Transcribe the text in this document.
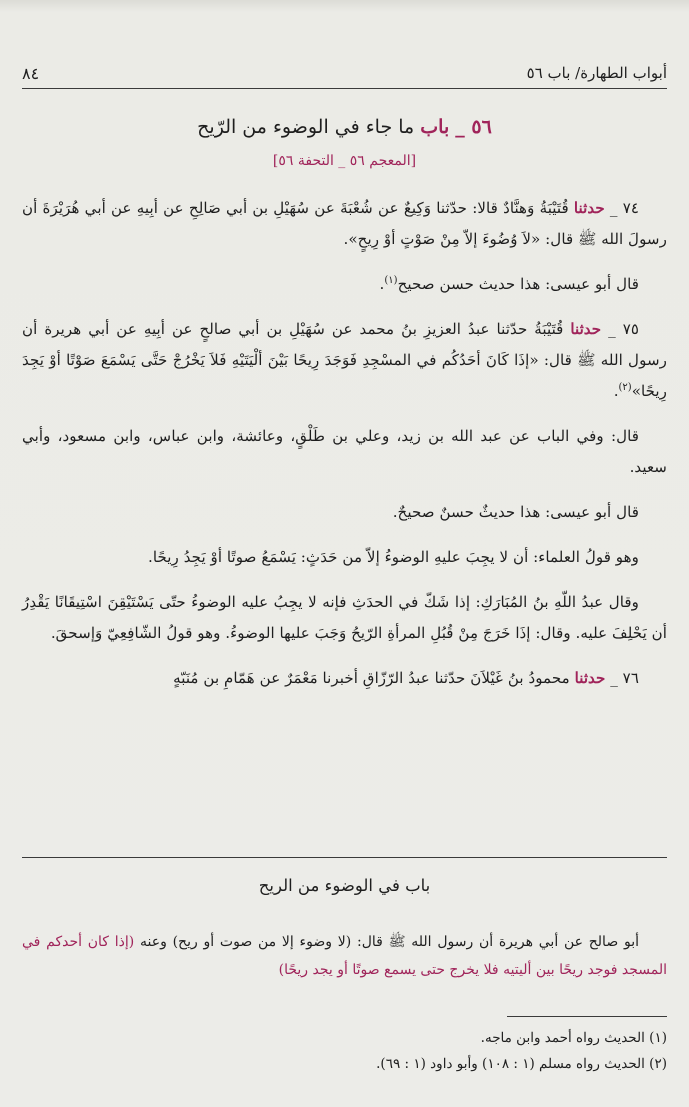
أبواب الطهارة/ باب ٥٦
٨٤
٥٦ _ باب ما جاء في الوضوء من الرّيح
[المعجم ٥٦ _ التحفة ٥٦]

٧٤ _ حدثنا قُتَيْبَةُ وَهنَّادٌ قالا: حدّثنا وَكِيعٌ عن شُعْبَةَ عن سُهَيْلِ بن أبي صَالِحِ عن أبِيهِ عن أبي هُرَيْرَةَ أن رسولَ الله ﷺ قال: «لاَ وُضُوءَ إلاّ مِنْ صَوْتٍ أوْ رِيحٍ».

قال أبو عيسى: هذا حديث حسن صحيح$^{(١)}$.

٧٥ _ حدثنا قُتَيْبَةُ حدّثنا عبدُ العزيزِ بنُ محمد عن سُهَيْلِ بن أبي صالحٍ عن أبِيهِ عن أبي هريرة أن رسول الله ﷺ قال: «إذَا كَانَ أحَدُكُم في المسْجِدِ فَوَجَدَ رِيحًا بَيْنَ ألْيَتَيْهِ فَلاَ يَخْرُجْ حَتَّى يَسْمَعَ صَوْتًا أوْ يَجِدَ رِيحًا»$^{(٢)}$.

قال: وفي الباب عن عبد الله بن زيد، وعلي بن طَلْقٍ، وعائشة، وابن عباس، وابن مسعود، وأبي سعيد.

قال أبو عيسى: هذا حديثٌ حسنٌ صحيحٌ.

وهو قولُ العلماء: أن لا يجِبَ عليهِ الوضوءُ إلاّ من حَدَثٍ: يَسْمَعُ صوتًا أوْ يَجِدُ رِيحًا.

وقال عبدُ اللّهِ بنُ المُبَارَكِ: إذا شَكّ في الحدَثِ فإنه لا يجِبُ عليه الوضوءُ حتّى يَسْتَيْقِنَ اسْتِيقَانًا يَقْدِرُ أن يَحْلِفَ عليه. وقال: إذَا خَرَجَ مِنْ قُبُلِ المرأةِ الرّيحُ وَجَبَ عليها الوضوءُ. وهو قولُ الشّافِعِيّ وَإسحقَ.

٧٦ _ حدثنا محمودُ بنُ غَيْلاَنَ حدّثنا عبدُ الرّزّاقِ أخبرنا مَعْمَرٌ عن هَمّامِ بن مُنَبّهٍ

باب في الوضوء من الريح
أبو صالح عن أبي هريرة أن رسول الله ﷺ قال: (لا وضوء إلا من صوت أو ريح) وعنه (إذا كان أحدكم في المسجد فوجد ريحًا بين أليتيه فلا يخرج حتى يسمع صوتًا أو يجد ريحًا)
(١) الحديث رواه أحمد وابن ماجه.
(٢) الحديث رواه مسلم (١ : ١٠٨) وأبو داود (١ : ٦٩).
